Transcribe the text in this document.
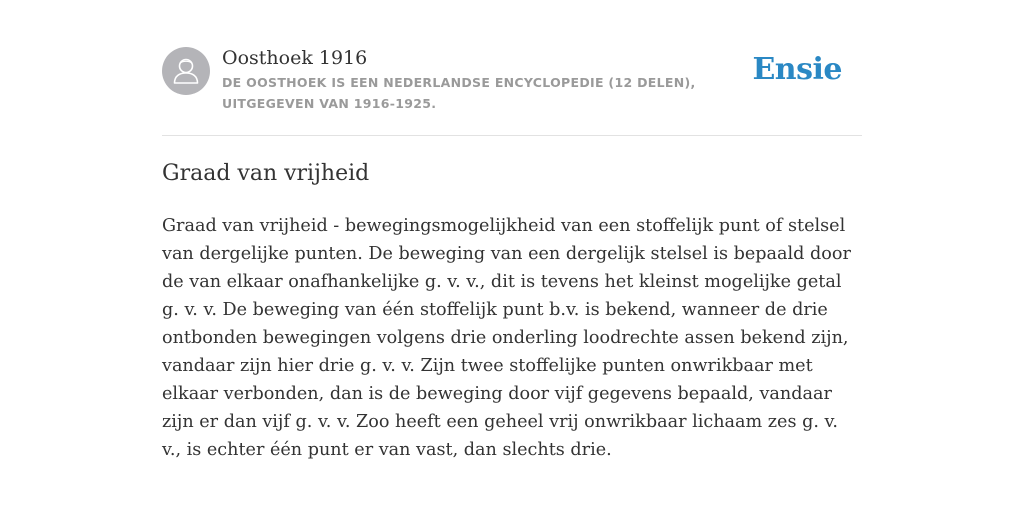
Oosthoek 1916
DE OOSTHOEK IS EEN NEDERLANDSE ENCYCLOPEDIE (12 DELEN), UITGEGEVEN VAN 1916-1925.
Ensie
Graad van vrijheid

Graad van vrijheid - bewegingsmogelijkheid van een stoffelijk punt of stelsel van dergelijke punten. De beweging van een dergelijk stelsel is bepaald door de van elkaar onafhankelijke g. v. v., dit is tevens het kleinst mogelijke getal g. v. v. De beweging van één stoffelijk punt b.v. is bekend, wanneer de drie ontbonden bewegingen volgens drie onderling loodrechte assen bekend zijn, vandaar zijn hier drie g. v. v. Zijn twee stoffelijke punten onwrikbaar met elkaar verbonden, dan is de beweging door vijf gegevens bepaald, vandaar zijn er dan vijf g. v. v. Zoo heeft een geheel vrij onwrikbaar lichaam zes g. v. v., is echter één punt er van vast, dan slechts drie.
